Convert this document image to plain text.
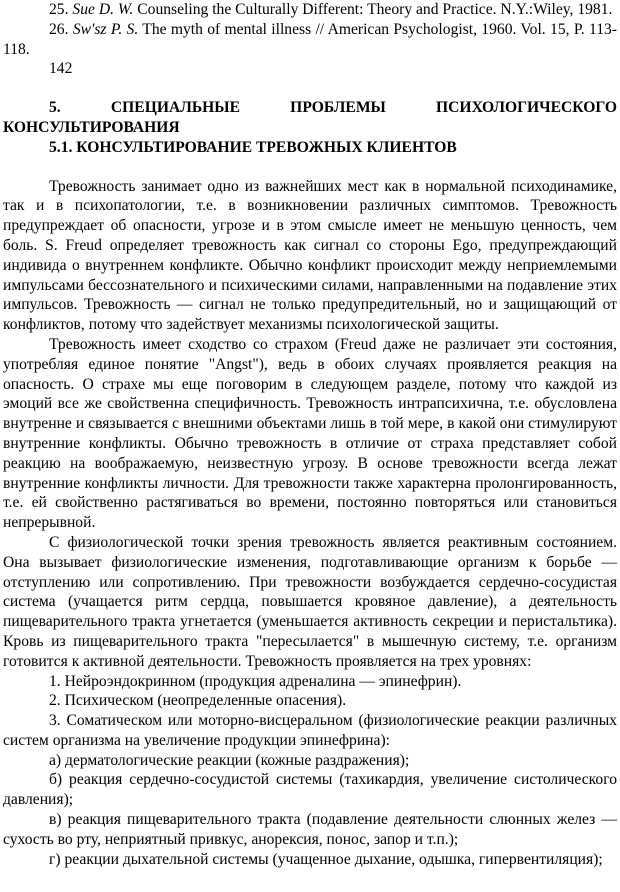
25. Sue D. W. Counseling the Culturally Different: Theory and Practice. N.Y.:Wiley, 1981.

26. Sw'sz P. S. The myth of mental illness // American Psychologist, 1960. Vol. 15, P. 113-118.

142

5.	СПЕЦИАЛЬНЫЕ ПРОБЛЕМЫ ПСИХОЛОГИЧЕСКОГО КОНСУЛЬТИРОВАНИЯ

5.1. КОНСУЛЬТИРОВАНИЕ ТРЕВОЖНЫХ КЛИЕНТОВ

Тревожность занимает одно из важнейших мест как в нормальной психодинамике, так и в психопатологии, т.е. в возникновении различных симптомов. Тревожность предупреждает об опасности, угрозе и в этом смысле имеет не меньшую ценность, чем боль. S. Freud определяет тревожность как сигнал со стороны Ego, предупреждающий индивида о внутреннем конфликте. Обычно конфликт происходит между неприемлемыми импульсами бессознательного и психическими силами, направленными на подавление этих импульсов. Тревожность — сигнал не только предупредительный, но и защищающий от конфликтов, потому что задействует механизмы психологической защиты.

Тревожность имеет сходство со страхом (Freud даже не различает эти состояния, употребляя единое понятие "Angst"), ведь в обоих случаях проявляется реакция на опасность. О страхе мы еще поговорим в следующем разделе, потому что каждой из эмоций все же свойственна специфичность. Тревожность интрапсихична, т.е. обусловлена внутренне и связывается с внешними объектами лишь в той мере, в какой они стимулируют внутренние конфликты. Обычно тревожность в отличие от страха представляет собой реакцию на воображаемую, неизвестную угрозу. В основе тревожности всегда лежат внутренние конфликты личности. Для тревожности также характерна пролонгированность, т.е. ей свойственно растягиваться во времени, постоянно повторяться или становиться непрерывной.

С физиологической точки зрения тревожность является реактивным состоянием. Она вызывает физиологические изменения, подготавливающие организм к борьбе — отступлению или сопротивлению. При тревожности возбуждается сердечно-сосудистая система (учащается ритм сердца, повышается кровяное давление), а деятельность пищеварительного тракта угнетается (уменьшается активность секреции и перистальтика). Кровь из пищеварительного тракта "пересылается" в мышечную систему, т.е. организм готовится к активной деятельности. Тревожность проявляется на трех уровнях:

1. Нейроэндокринном (продукция адреналина — эпинефрин).

2. Психическом (неопределенные опасения).

3. Соматическом или моторно-висцеральном (физиологические реакции различных систем организма на увеличение продукции эпинефрина):

а) дерматологические реакции (кожные раздражения);

б) реакция сердечно-сосудистой системы (тахикардия, увеличение систолического давления);

в) реакция пищеварительного тракта (подавление деятельности слюнных желез — сухость во рту, неприятный привкус, анорексия, понос, запор и т.п.);

г) реакции дыхательной системы (учащенное дыхание, одышка, гипервентиляция);
